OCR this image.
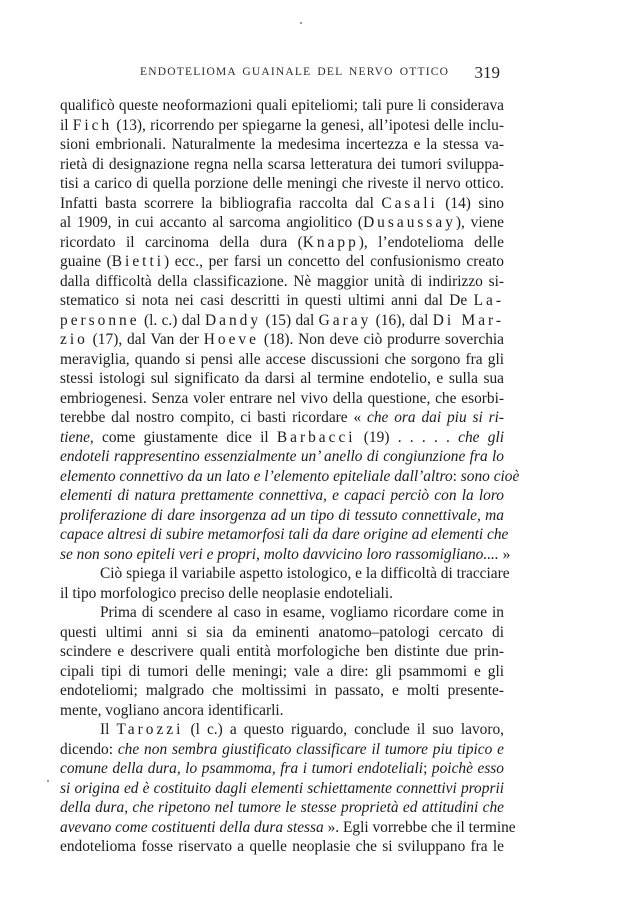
ENDOTELIOMA GUAINALE DEL NERVO OTTICO 319
qualificò queste neoformazioni quali epiteliomi; tali pure li considerava
il Fich (13), ricorrendo per spiegarne la genesi, all’ipotesi delle inclu-
sioni embrionali. Naturalmente la medesima incertezza e la stessa va-
rietà di designazione regna nella scarsa letteratura dei tumori sviluppa-
tisi a carico di quella porzione delle meningi che riveste il nervo ottico.
Infatti basta scorrere la bibliografia raccolta dal Casali (14) sino
al 1909, in cui accanto al sarcoma angiolitico (Dusaussay), viene
ricordato il carcinoma della dura (Knapp), l’endotelioma delle
guaine (Bietti) ecc., per farsi un concetto del confusionismo creato
dalla difficoltà della classificazione. Nè maggior unità di indirizzo si-
stematico si nota nei casi descritti in questi ultimi anni dal De La-
personne (l. c.) dal Dandy (15) dal Garay (16), dal Di Mar-
zio (17), dal Van der Hoeve (18). Non deve ciò produrre soverchia
meraviglia, quando si pensi alle accese discussioni che sorgono fra gli
stessi istologi sul significato da darsi al termine endotelio, e sulla sua
embriogenesi. Senza voler entrare nel vivo della questione, che esorbi-
terebbe dal nostro compito, ci basti ricordare « che ora dai piu si ri-
tiene, come giustamente dice il Barbacci (19) . . . . . che gli
endoteli rappresentino essenzialmente un’ anello di congiunzione fra lo
elemento connettivo da un lato e l’elemento epiteliale dall’altro: sono cioè
elementi di natura prettamente connettiva, e capaci perciò con la loro
proliferazione di dare insorgenza ad un tipo di tessuto connettivale, ma
capace altresi di subire metamorfosi tali da dare origine ad elementi che
se non sono epiteli veri e propri, molto davvicino loro rassomigliano.... »
Ciò spiega il variabile aspetto istologico, e la difficoltà di tracciare
il tipo morfologico preciso delle neoplasie endoteliali.
Prima di scendere al caso in esame, vogliamo ricordare come in
questi ultimi anni si sia da eminenti anatomo–patologi cercato di
scindere e descrivere quali entità morfologiche ben distinte due prin-
cipali tipi di tumori delle meningi; vale a dire: gli psammomi e gli
endoteliomi; malgrado che moltissimi in passato, e molti presente-
mente, vogliano ancora identificarli.
Il Tarozzi (l c.) a questo riguardo, conclude il suo lavoro,
dicendo: che non sembra giustificato classificare il tumore piu tipico e
comune della dura, lo psammoma, fra i tumori endoteliali; poichè esso
si origina ed è costituito dagli elementi schiettamente connettivi proprii
della dura, che ripetono nel tumore le stesse proprietà ed attitudini che
avevano come costituenti della dura stessa ». Egli vorrebbe che il termine
endotelioma fosse riservato a quelle neoplasie che si sviluppano fra le
